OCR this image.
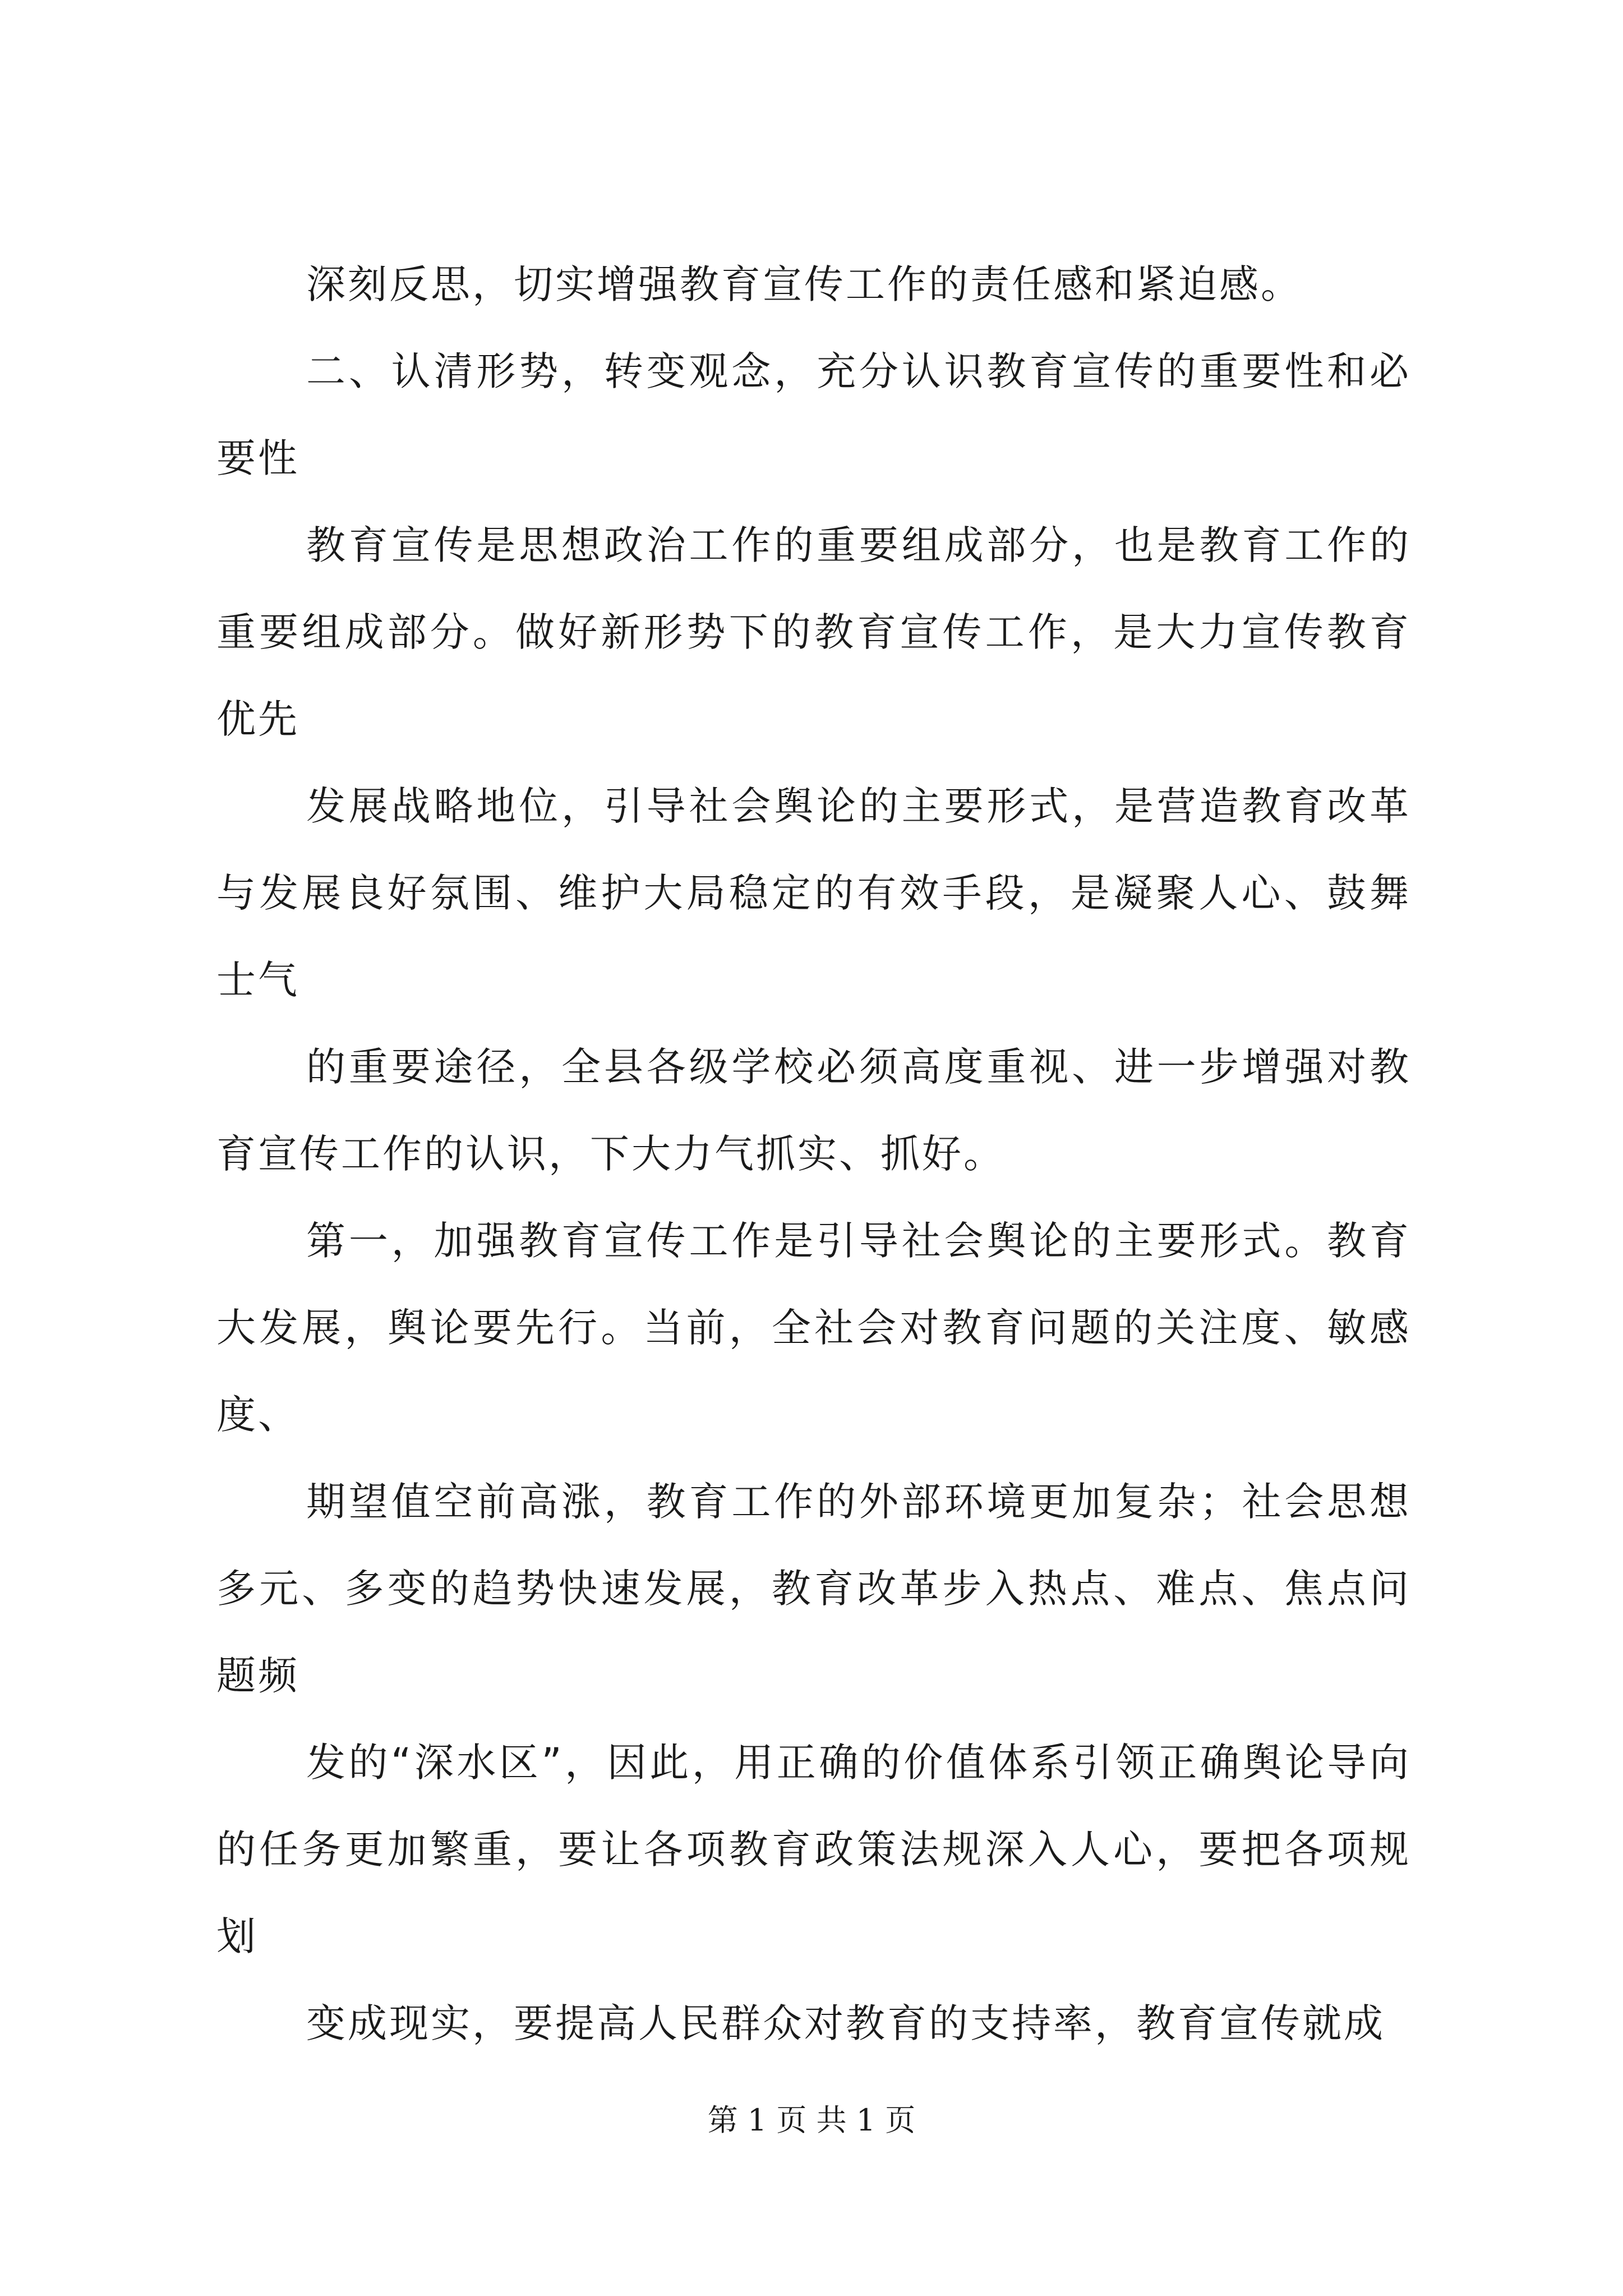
深刻反思，切实增强教育宣传工作的责任感和紧迫感。

二、认清形势，转变观念，充分认识教育宣传的重要性和必要性

教育宣传是思想政治工作的重要组成部分，也是教育工作的重要组成部分。做好新形势下的教育宣传工作，是大力宣传教育优先

发展战略地位，引导社会舆论的主要形式，是营造教育改革与发展良好氛围、维护大局稳定的有效手段，是凝聚人心、鼓舞士气

的重要途径，全县各级学校必须高度重视、进一步增强对教育宣传工作的认识，下大力气抓实、抓好。

第一，加强教育宣传工作是引导社会舆论的主要形式。教育大发展，舆论要先行。当前，全社会对教育问题的关注度、敏感度、

期望值空前高涨，教育工作的外部环境更加复杂；社会思想多元、多变的趋势快速发展，教育改革步入热点、难点、焦点问题频

发的“深水区”，因此，用正确的价值体系引领正确舆论导向的任务更加繁重，要让各项教育政策法规深入人心，要把各项规划

变成现实，要提高人民群众对教育的支持率，教育宣传就成

第 1 页 共 1 页
